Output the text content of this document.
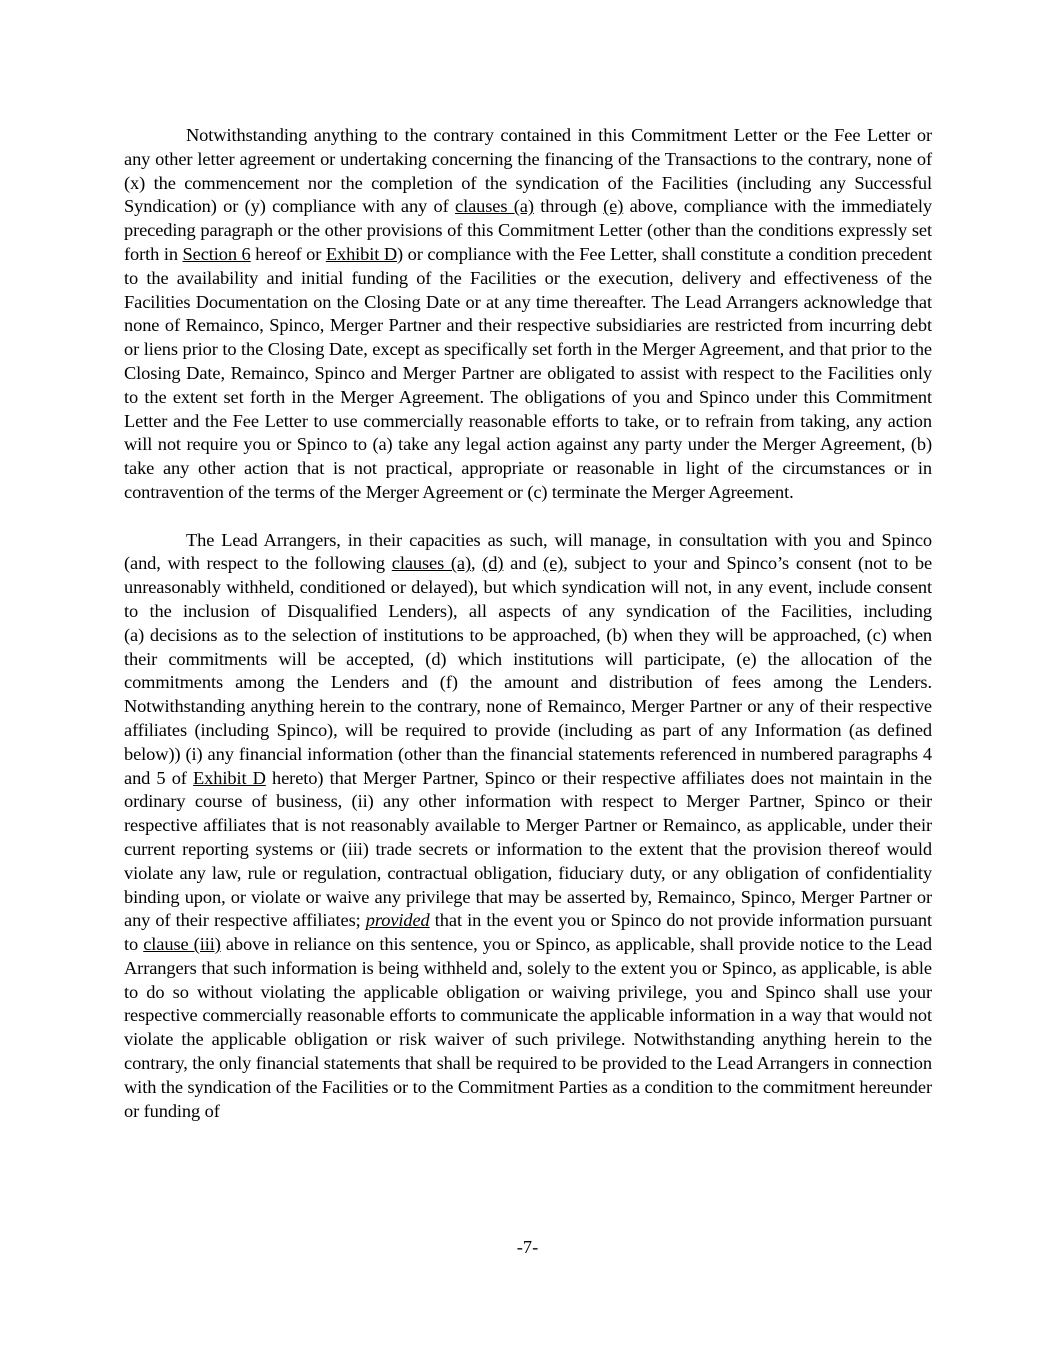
Notwithstanding anything to the contrary contained in this Commitment Letter or the Fee Letter or any other letter agreement or undertaking concerning the financing of the Transactions to the contrary, none of (x) the commencement nor the completion of the syndication of the Facilities (including any Successful Syndication) or (y) compliance with any of clauses (a) through (e) above, compliance with the immediately preceding paragraph or the other provisions of this Commitment Letter (other than the conditions expressly set forth in Section 6 hereof or Exhibit D) or compliance with the Fee Letter, shall constitute a condition precedent to the availability and initial funding of the Facilities or the execution, delivery and effectiveness of the Facilities Documentation on the Closing Date or at any time thereafter. The Lead Arrangers acknowledge that none of Remainco, Spinco, Merger Partner and their respective subsidiaries are restricted from incurring debt or liens prior to the Closing Date, except as specifically set forth in the Merger Agreement, and that prior to the Closing Date, Remainco, Spinco and Merger Partner are obligated to assist with respect to the Facilities only to the extent set forth in the Merger Agreement. The obligations of you and Spinco under this Commitment Letter and the Fee Letter to use commercially reasonable efforts to take, or to refrain from taking, any action will not require you or Spinco to (a) take any legal action against any party under the Merger Agreement, (b) take any other action that is not practical, appropriate or reasonable in light of the circumstances or in contravention of the terms of the Merger Agreement or (c) terminate the Merger Agreement.

The Lead Arrangers, in their capacities as such, will manage, in consultation with you and Spinco (and, with respect to the following clauses (a), (d) and (e), subject to your and Spinco’s consent (not to be unreasonably withheld, conditioned or delayed), but which syndication will not, in any event, include consent to the inclusion of Disqualified Lenders), all aspects of any syndication of the Facilities, including (a) decisions as to the selection of institutions to be approached, (b) when they will be approached, (c) when their commitments will be accepted, (d) which institutions will participate, (e) the allocation of the commitments among the Lenders and (f) the amount and distribution of fees among the Lenders. Notwithstanding anything herein to the contrary, none of Remainco, Merger Partner or any of their respective affiliates (including Spinco), will be required to provide (including as part of any Information (as defined below)) (i) any financial information (other than the financial statements referenced in numbered paragraphs 4 and 5 of Exhibit D hereto) that Merger Partner, Spinco or their respective affiliates does not maintain in the ordinary course of business, (ii) any other information with respect to Merger Partner, Spinco or their respective affiliates that is not reasonably available to Merger Partner or Remainco, as applicable, under their current reporting systems or (iii) trade secrets or information to the extent that the provision thereof would violate any law, rule or regulation, contractual obligation, fiduciary duty, or any obligation of confidentiality binding upon, or violate or waive any privilege that may be asserted by, Remainco, Spinco, Merger Partner or any of their respective affiliates; provided that in the event you or Spinco do not provide information pursuant to clause (iii) above in reliance on this sentence, you or Spinco, as applicable, shall provide notice to the Lead Arrangers that such information is being withheld and, solely to the extent you or Spinco, as applicable, is able to do so without violating the applicable obligation or waiving privilege, you and Spinco shall use your respective commercially reasonable efforts to communicate the applicable information in a way that would not violate the applicable obligation or risk waiver of such privilege. Notwithstanding anything herein to the contrary, the only financial statements that shall be required to be provided to the Lead Arrangers in connection with the syndication of the Facilities or to the Commitment Parties as a condition to the commitment hereunder or funding of

-7-
